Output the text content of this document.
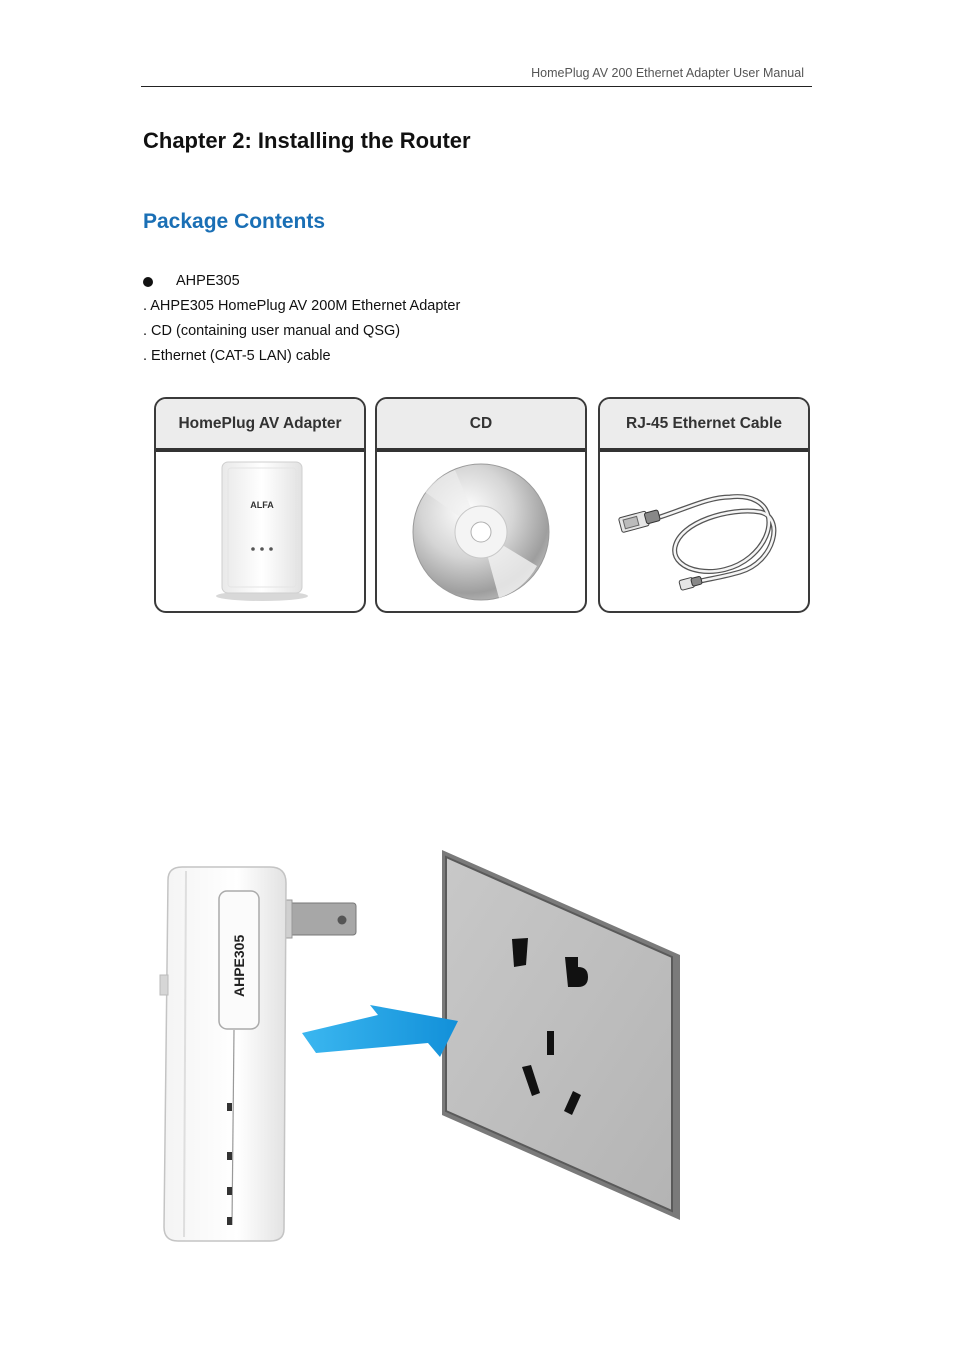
HomePlug AV 200 Ethernet Adapter User Manual
Chapter 2: Installing the Router
Package Contents
AHPE305
. AHPE305 HomePlug AV 200M Ethernet Adapter
. CD (containing user manual and QSG)
. Ethernet (CAT-5 LAN) cable
HomePlug AV Adapter
ALFA
CD	RJ-45 Ethernet Cable
AHPE305
